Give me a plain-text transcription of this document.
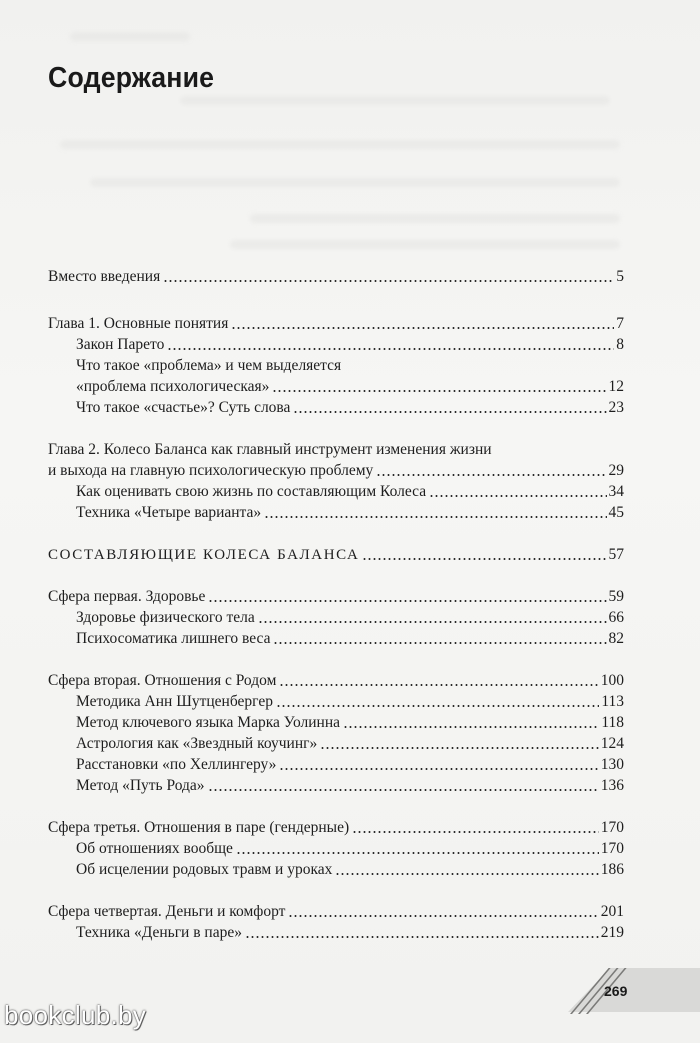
Содержание
Вместо введения	5
Глава 1. Основные понятия	7
Закон Парето	8
Что такое «проблема» и чем выделяется
«проблема психологическая»	12
Что такое «счастье»? Суть слова	23
Глава 2. Колесо Баланса как главный инструмент изменения жизни
и выхода на главную психологическую проблему	29
Как оценивать свою жизнь по составляющим Колеса	34
Техника «Четыре варианта»	45
СОСТАВЛЯЮЩИЕ КОЛЕСА БАЛАНСА	57
Сфера первая. Здоровье	59
Здоровье физического тела	66
Психосоматика лишнего веса	82
Сфера вторая. Отношения с Родом	100
Методика Анн Шутценбергер	113
Метод ключевого языка Марка Уолинна	118
Астрология как «Звездный коучинг»	124
Расстановки «по Хеллингеру»	130
Метод «Путь Рода»	136
Сфера третья. Отношения в паре (гендерные)	170
Об отношениях вообще	170
Об исцелении родовых травм и уроках	186
Сфера четвертая. Деньги и комфорт	201
Техника «Деньги в паре»	219
269
bookclub.by
